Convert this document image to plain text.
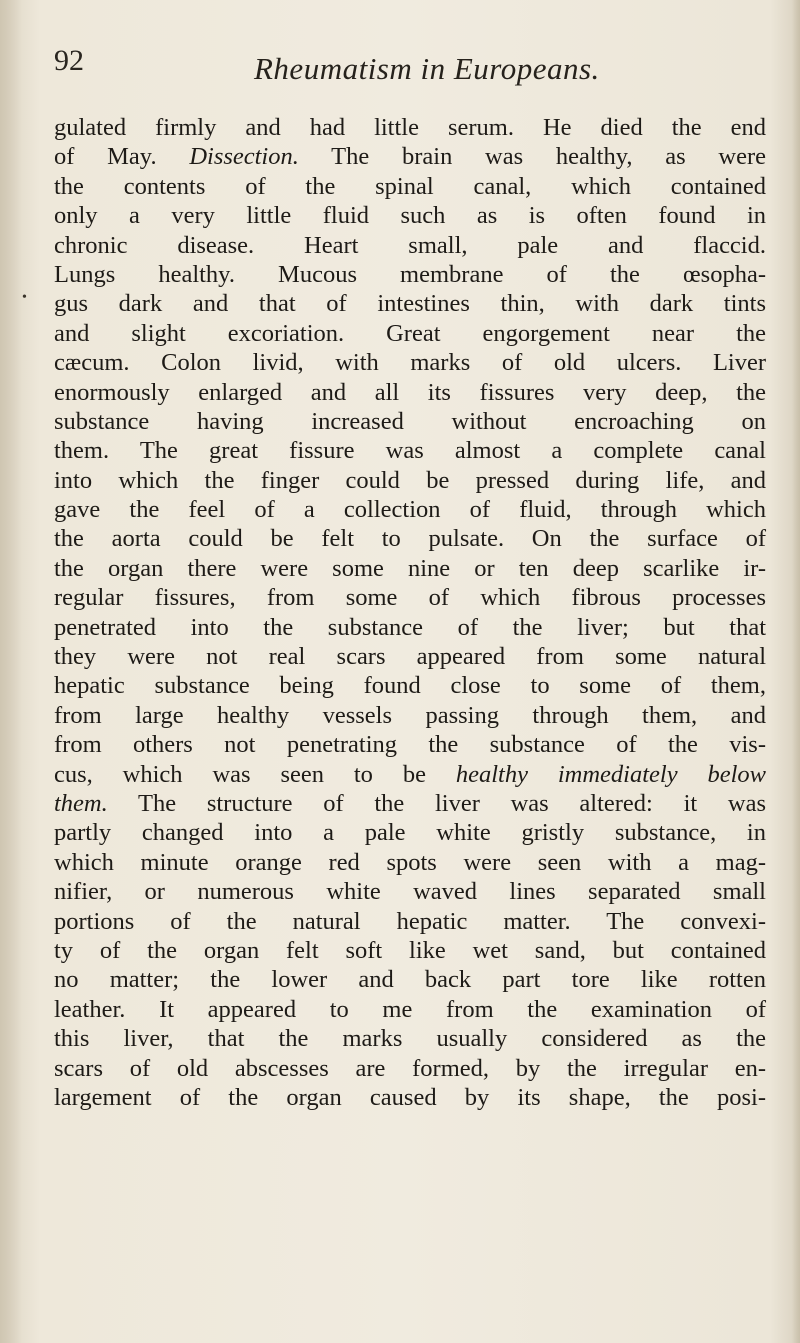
92	Rheumatism in Europeans.
•
gulated firmly and had little serum. He died the end
of May. Dissection. The brain was healthy, as were
the contents of the spinal canal, which contained
only a very little fluid such as is often found in
chronic disease. Heart small, pale and flaccid.
Lungs healthy. Mucous membrane of the œsopha-
gus dark and that of intestines thin, with dark tints
and slight excoriation. Great engorgement near the
cæcum. Colon livid, with marks of old ulcers. Liver
enormously enlarged and all its fissures very deep, the
substance having increased without encroaching on
them. The great fissure was almost a complete canal
into which the finger could be pressed during life, and
gave the feel of a collection of fluid, through which
the aorta could be felt to pulsate. On the surface of
the organ there were some nine or ten deep scarlike ir-
regular fissures, from some of which fibrous processes
penetrated into the substance of the liver; but that
they were not real scars appeared from some natural
hepatic substance being found close to some of them,
from large healthy vessels passing through them, and
from others not penetrating the substance of the vis-
cus, which was seen to be healthy immediately below
them. The structure of the liver was altered: it was
partly changed into a pale white gristly substance, in
which minute orange red spots were seen with a mag-
nifier, or numerous white waved lines separated small
portions of the natural hepatic matter. The convexi-
ty of the organ felt soft like wet sand, but contained
no matter; the lower and back part tore like rotten
leather. It appeared to me from the examination of
this liver, that the marks usually considered as the
scars of old abscesses are formed, by the irregular en-
largement of the organ caused by its shape, the posi-
